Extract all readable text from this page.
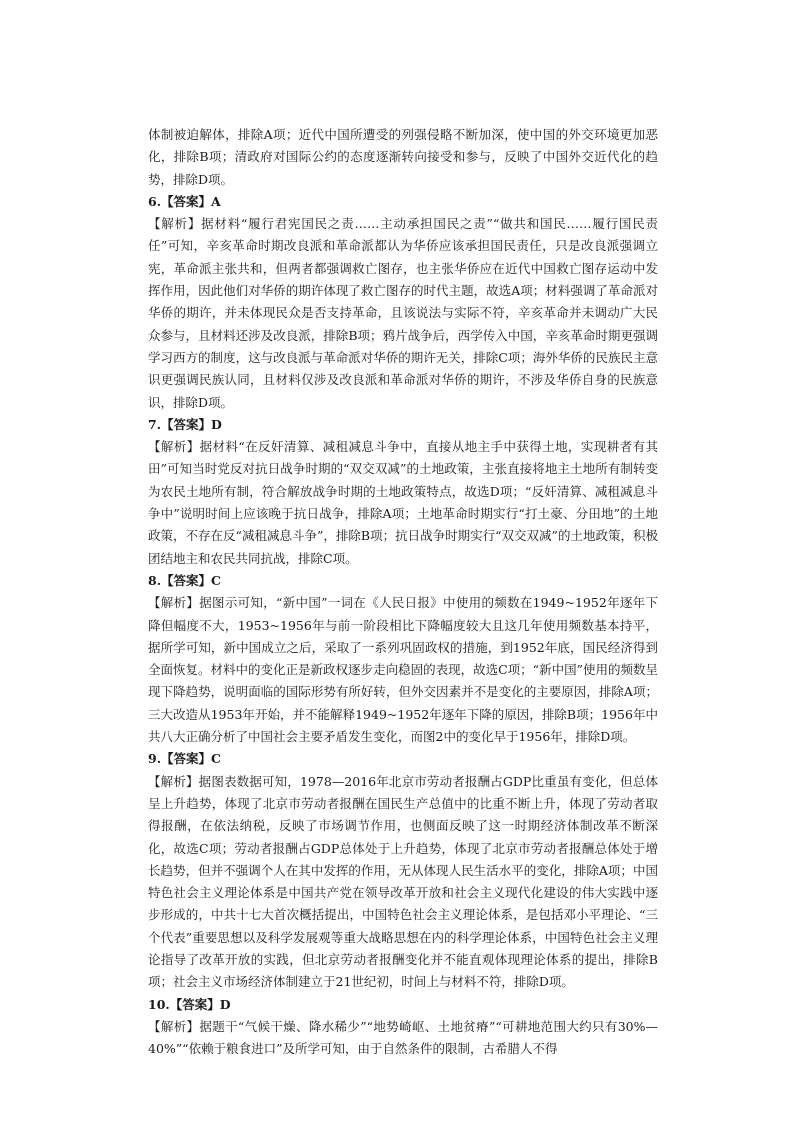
体制被迫解体，排除A项；近代中国所遭受的列强侵略不断加深，使中国的外交环境更加恶化，排除B项；清政府对国际公约的态度逐渐转向接受和参与，反映了中国外交近代化的趋势，排除D项。

6.【答案】A

【解析】据材料“履行君宪国民之责……主动承担国民之责”“做共和国民……履行国民责任”可知，辛亥革命时期改良派和革命派都认为华侨应该承担国民责任，只是改良派强调立宪，革命派主张共和，但两者都强调救亡图存，也主张华侨应在近代中国救亡图存运动中发挥作用，因此他们对华侨的期许体现了救亡图存的时代主题，故选A项；材料强调了革命派对华侨的期许，并未体现民众是否支持革命，且该说法与实际不符，辛亥革命并未调动广大民众参与，且材料还涉及改良派，排除B项；鸦片战争后，西学传入中国，辛亥革命时期更强调学习西方的制度，这与改良派与革命派对华侨的期许无关，排除C项；海外华侨的民族民主意识更强调民族认同，且材料仅涉及改良派和革命派对华侨的期许，不涉及华侨自身的民族意识，排除D项。

7.【答案】D

【解析】据材料“在反奸清算、减租减息斗争中，直接从地主手中获得土地，实现耕者有其田”可知当时党反对抗日战争时期的“双交双减”的土地政策，主张直接将地主土地所有制转变为农民土地所有制，符合解放战争时期的土地政策特点，故选D项；“反奸清算、减租减息斗争中”说明时间上应该晚于抗日战争，排除A项；土地革命时期实行“打土豪、分田地”的土地政策，不存在反“减租减息斗争”，排除B项；抗日战争时期实行“双交双减”的土地政策，积极团结地主和农民共同抗战，排除C项。

8.【答案】C

【解析】据图示可知，“新中国”一词在《人民日报》中使用的频数在1949~1952年逐年下降但幅度不大，1953~1956年与前一阶段相比下降幅度较大且这几年使用频数基本持平，据所学可知，新中国成立之后，采取了一系列巩固政权的措施，到1952年底，国民经济得到全面恢复。材料中的变化正是新政权逐步走向稳固的表现，故选C项；“新中国”使用的频数呈现下降趋势，说明面临的国际形势有所好转，但外交因素并不是变化的主要原因，排除A项；三大改造从1953年开始，并不能解释1949~1952年逐年下降的原因，排除B项；1956年中共八大正确分析了中国社会主要矛盾发生变化，而图2中的变化早于1956年，排除D项。

9.【答案】C

【解析】据图表数据可知，1978—2016年北京市劳动者报酬占GDP比重虽有变化，但总体呈上升趋势，体现了北京市劳动者报酬在国民生产总值中的比重不断上升，体现了劳动者取得报酬，在依法纳税，反映了市场调节作用，也侧面反映了这一时期经济体制改革不断深化，故选C项；劳动者报酬占GDP总体处于上升趋势，体现了北京市劳动者报酬总体处于增长趋势，但并不强调个人在其中发挥的作用，无从体现人民生活水平的变化，排除A项；中国特色社会主义理论体系是中国共产党在领导改革开放和社会主义现代化建设的伟大实践中逐步形成的，中共十七大首次概括提出，中国特色社会主义理论体系，是包括邓小平理论、“三个代表”重要思想以及科学发展观等重大战略思想在内的科学理论体系，中国特色社会主义理论指导了改革开放的实践，但北京劳动者报酬变化并不能直观体现理论体系的提出，排除B项；社会主义市场经济体制建立于21世纪初，时间上与材料不符，排除D项。

10.【答案】D

【解析】据题干“气候干燥、降水稀少”“地势崎岖、土地贫瘠”“可耕地范围大约只有30%—40%”“依赖于粮食进口”及所学可知，由于自然条件的限制，古希腊人不得
